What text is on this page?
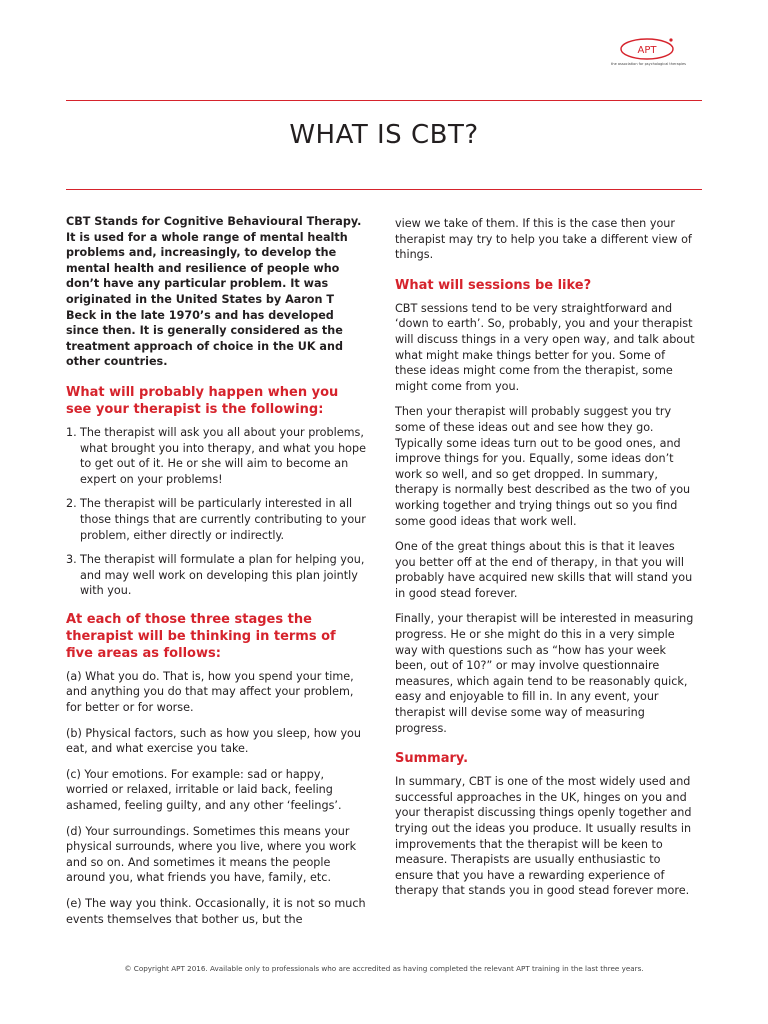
APT
the association for psychological therapies
WHAT IS CBT?

CBT Stands for Cognitive Behavioural Therapy. It is used for a whole range of mental health problems and, increasingly, to develop the mental health and resilience of people who don’t have any particular problem. It was originated in the United States by Aaron T Beck in the late 1970’s and has developed since then. It is generally considered as the treatment approach of choice in the UK and other countries.

What will probably happen when you see your therapist is the following:
1. The therapist will ask you all about your problems, what brought you into therapy, and what you hope to get out of it. He or she will aim to become an expert on your problems!
2. The therapist will be particularly interested in all those things that are currently contributing to your problem, either directly or indirectly.
3. The therapist will formulate a plan for helping you, and may well work on developing this plan jointly with you.
At each of those three stages the therapist will be thinking in terms of five areas as follows:

(a) What you do. That is, how you spend your time, and anything you do that may affect your problem, for better or for worse.

(b) Physical factors, such as how you sleep, how you eat, and what exercise you take.

(c) Your emotions. For example: sad or happy, worried or relaxed, irritable or laid back, feeling ashamed, feeling guilty, and any other ‘feelings’.

(d) Your surroundings. Sometimes this means your physical surrounds, where you live, where you work and so on. And sometimes it means the people around you, what friends you have, family, etc.

(e) The way you think. Occasionally, it is not so much events themselves that bother us, but the

view we take of them. If this is the case then your therapist may try to help you take a different view of things.

What will sessions be like?

CBT sessions tend to be very straightforward and ‘down to earth’. So, probably, you and your therapist will discuss things in a very open way, and talk about what might make things better for you. Some of these ideas might come from the therapist, some might come from you.

Then your therapist will probably suggest you try some of these ideas out and see how they go. Typically some ideas turn out to be good ones, and improve things for you. Equally, some ideas don’t work so well, and so get dropped. In summary, therapy is normally best described as the two of you working together and trying things out so you find some good ideas that work well.

One of the great things about this is that it leaves you better off at the end of therapy, in that you will probably have acquired new skills that will stand you in good stead forever.

Finally, your therapist will be interested in measuring progress. He or she might do this in a very simple way with questions such as “how has your week been, out of 10?” or may involve questionnaire measures, which again tend to be reasonably quick, easy and enjoyable to fill in. In any event, your therapist will devise some way of measuring progress.

Summary.

In summary, CBT is one of the most widely used and successful approaches in the UK, hinges on you and your therapist discussing things openly together and trying out the ideas you produce. It usually results in improvements that the therapist will be keen to measure. Therapists are usually enthusiastic to ensure that you have a rewarding experience of therapy that stands you in good stead forever more.

© Copyright APT 2016. Available only to professionals who are accredited as having completed the relevant APT training in the last three years.
